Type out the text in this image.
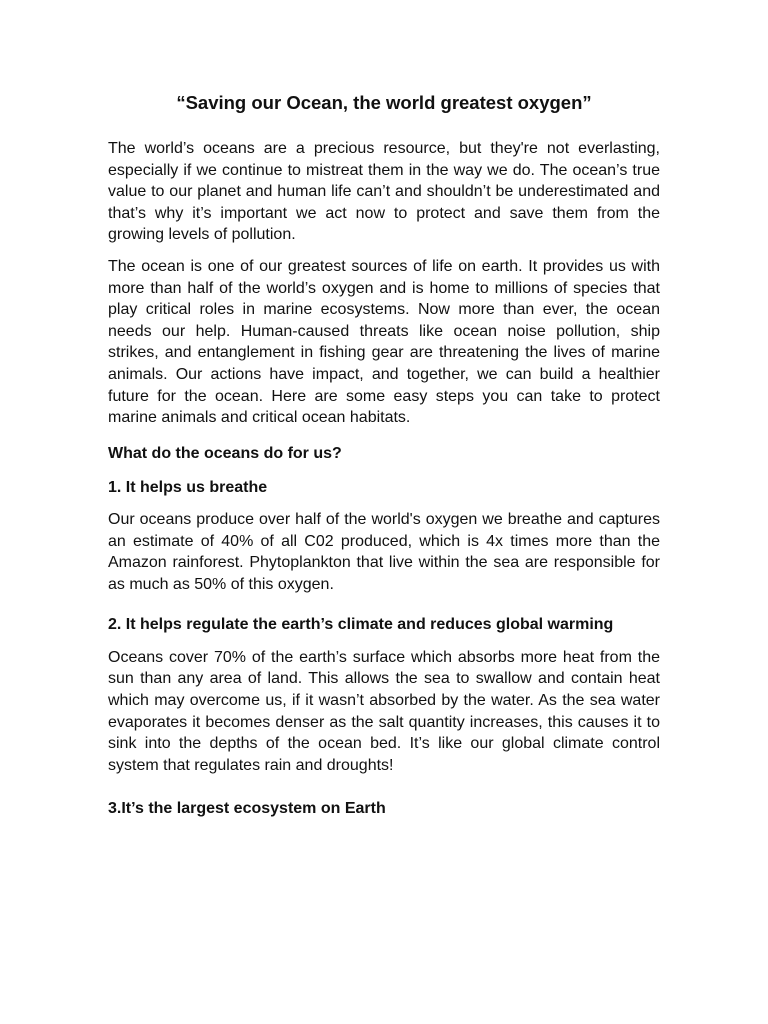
“Saving our Ocean, the world greatest oxygen”

The world’s oceans are a precious resource, but they're not everlasting, especially if we continue to mistreat them in the way we do. The ocean’s true value to our planet and human life can’t and shouldn’t be underestimated and that’s why it’s important we act now to protect and save them from the growing levels of pollution.

The ocean is one of our greatest sources of life on earth. It provides us with more than half of the world’s oxygen and is home to millions of species that play critical roles in marine ecosystems. Now more than ever, the ocean needs our help. Human-caused threats like ocean noise pollution, ship strikes, and entanglement in fishing gear are threatening the lives of marine animals. Our actions have impact, and together, we can build a healthier future for the ocean. Here are some easy steps you can take to protect marine animals and critical ocean habitats.

What do the oceans do for us?

1. It helps us breathe

Our oceans produce over half of the world's oxygen we breathe and captures an estimate of 40% of all C02 produced, which is 4x times more than the Amazon rainforest. Phytoplankton that live within the sea are responsible for as much as 50% of this oxygen.

2. It helps regulate the earth’s climate and reduces global warming

Oceans cover 70% of the earth’s surface which absorbs more heat from the sun than any area of land. This allows the sea to swallow and contain heat which may overcome us, if it wasn’t absorbed by the water. As the sea water evaporates it becomes denser as the salt quantity increases, this causes it to sink into the depths of the ocean bed. It’s like our global climate control system that regulates rain and droughts!

3.It’s the largest ecosystem on Earth
